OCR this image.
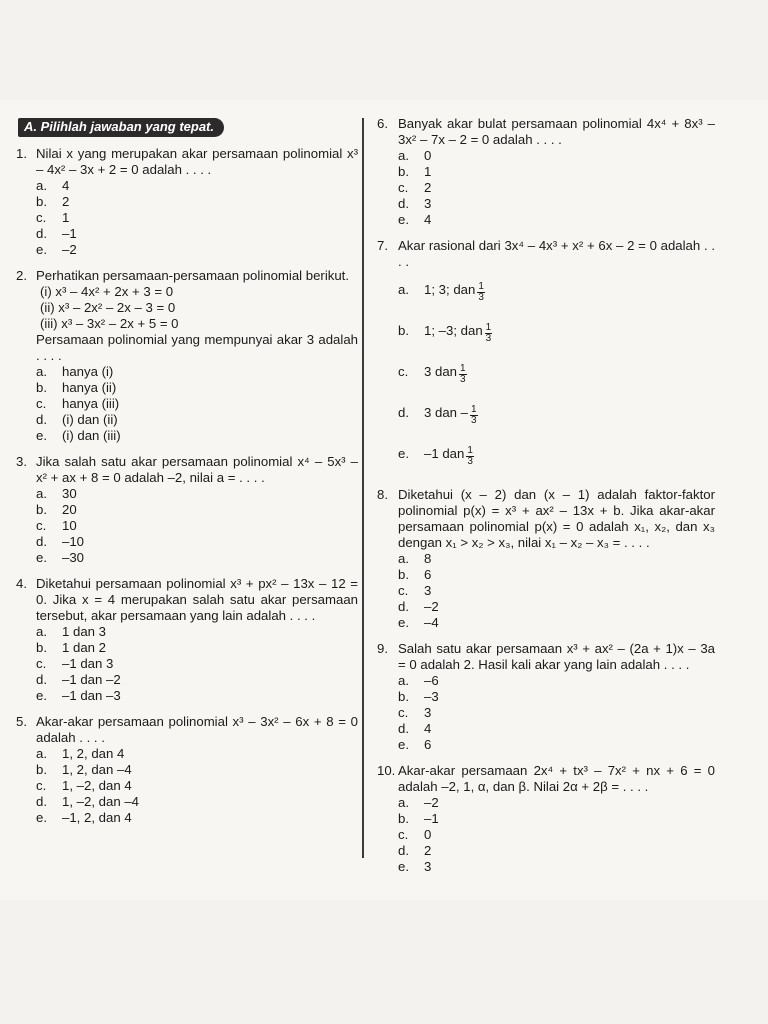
A. Pilihlah jawaban yang tepat.
1. Nilai x yang merupakan akar persamaan polinomial x³ – 4x² – 3x + 2 = 0 adalah . . . .
a.	4
b.	2
c.	1
d.	–1
e.	–2
2. Perhatikan persamaan-persamaan polinomial berikut.
(i) x³ – 4x² + 2x + 3 = 0
(ii) x³ – 2x² – 2x – 3 = 0
(iii) x³ – 3x² – 2x + 5 = 0
Persamaan polinomial yang mempunyai akar 3 adalah . . . .
a.	hanya (i)
b.	hanya (ii)
c.	hanya (iii)
d.	(i) dan (ii)
e.	(i) dan (iii)
3. Jika salah satu akar persamaan polinomial x⁴ – 5x³ – x² + ax + 8 = 0 adalah –2, nilai a = . . . .
a.	30
b.	20
c.	10
d.	–10
e.	–30
4. Diketahui persamaan polinomial x³ + px² – 13x – 12 = 0. Jika x = 4 merupakan salah satu akar persamaan tersebut, akar persamaan yang lain adalah . . . .
a.	1 dan 3
b.	1 dan 2
c.	–1 dan 3
d.	–1 dan –2
e.	–1 dan –3
5. Akar-akar persamaan polinomial x³ – 3x² – 6x + 8 = 0 adalah . . . .
a.	1, 2, dan 4
b.	1, 2, dan –4
c.	1, –2, dan 4
d.	1, –2, dan –4
e.	–1, 2, dan 4
6. Banyak akar bulat persamaan polinomial 4x⁴ + 8x³ – 3x² – 7x – 2 = 0 adalah . . . .
a.	0
b.	1
c.	2
d.	3
e.	4
7. Akar rasional dari 3x⁴ – 4x³ + x² + 6x – 2 = 0 adalah . . . .
a.	1; 3; dan $\frac{1}{3}$
b.	1; –3; dan $\frac{1}{3}$
c.	3 dan $\frac{1}{3}$
d.	3 dan – $\frac{1}{3}$
e.	–1 dan $\frac{1}{3}$
8. Diketahui (x – 2) dan (x – 1) adalah faktor-faktor polinomial p(x) = x³ + ax² – 13x + b. Jika akar-akar persamaan polinomial p(x) = 0 adalah x₁, x₂, dan x₃ dengan x₁ > x₂ > x₃, nilai x₁ – x₂ – x₃ = . . . .
a.	8
b.	6
c.	3
d.	–2
e.	–4
9. Salah satu akar persamaan x³ + ax² – (2a + 1)x – 3a = 0 adalah 2. Hasil kali akar yang lain adalah . . . .
a.	–6
b.	–3
c.	3
d.	4
e.	6
10. Akar-akar persamaan 2x⁴ + tx³ – 7x² + nx + 6 = 0 adalah –2, 1, α, dan β. Nilai 2α + 2β = . . . .
a.	–2
b.	–1
c.	0
d.	2
e.	3
